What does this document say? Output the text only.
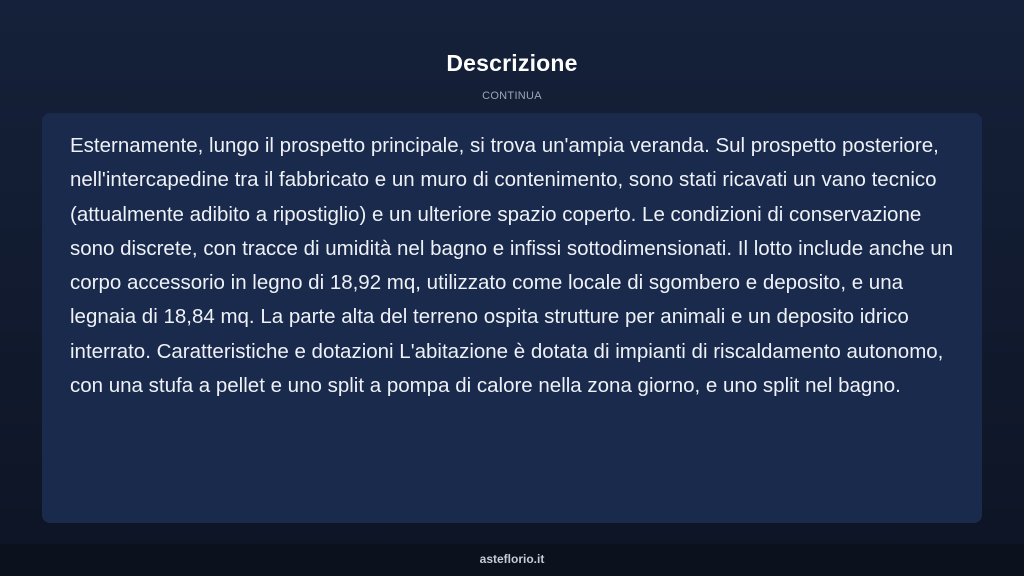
Descrizione
CONTINUA

Esternamente, lungo il prospetto principale, si trova un'ampia veranda. Sul prospetto posteriore, nell'intercapedine tra il fabbricato e un muro di contenimento, sono stati ricavati un vano tecnico (attualmente adibito a ripostiglio) e un ulteriore spazio coperto. Le condizioni di conservazione sono discrete, con tracce di umidità nel bagno e infissi sottodimensionati. Il lotto include anche un corpo accessorio in legno di 18,92 mq, utilizzato come locale di sgombero e deposito, e una legnaia di 18,84 mq. La parte alta del terreno ospita strutture per animali e un deposito idrico interrato. Caratteristiche e dotazioni L'abitazione è dotata di impianti di riscaldamento autonomo, con una stufa a pellet e uno split a pompa di calore nella zona giorno, e uno split nel bagno.

asteflorio.it
